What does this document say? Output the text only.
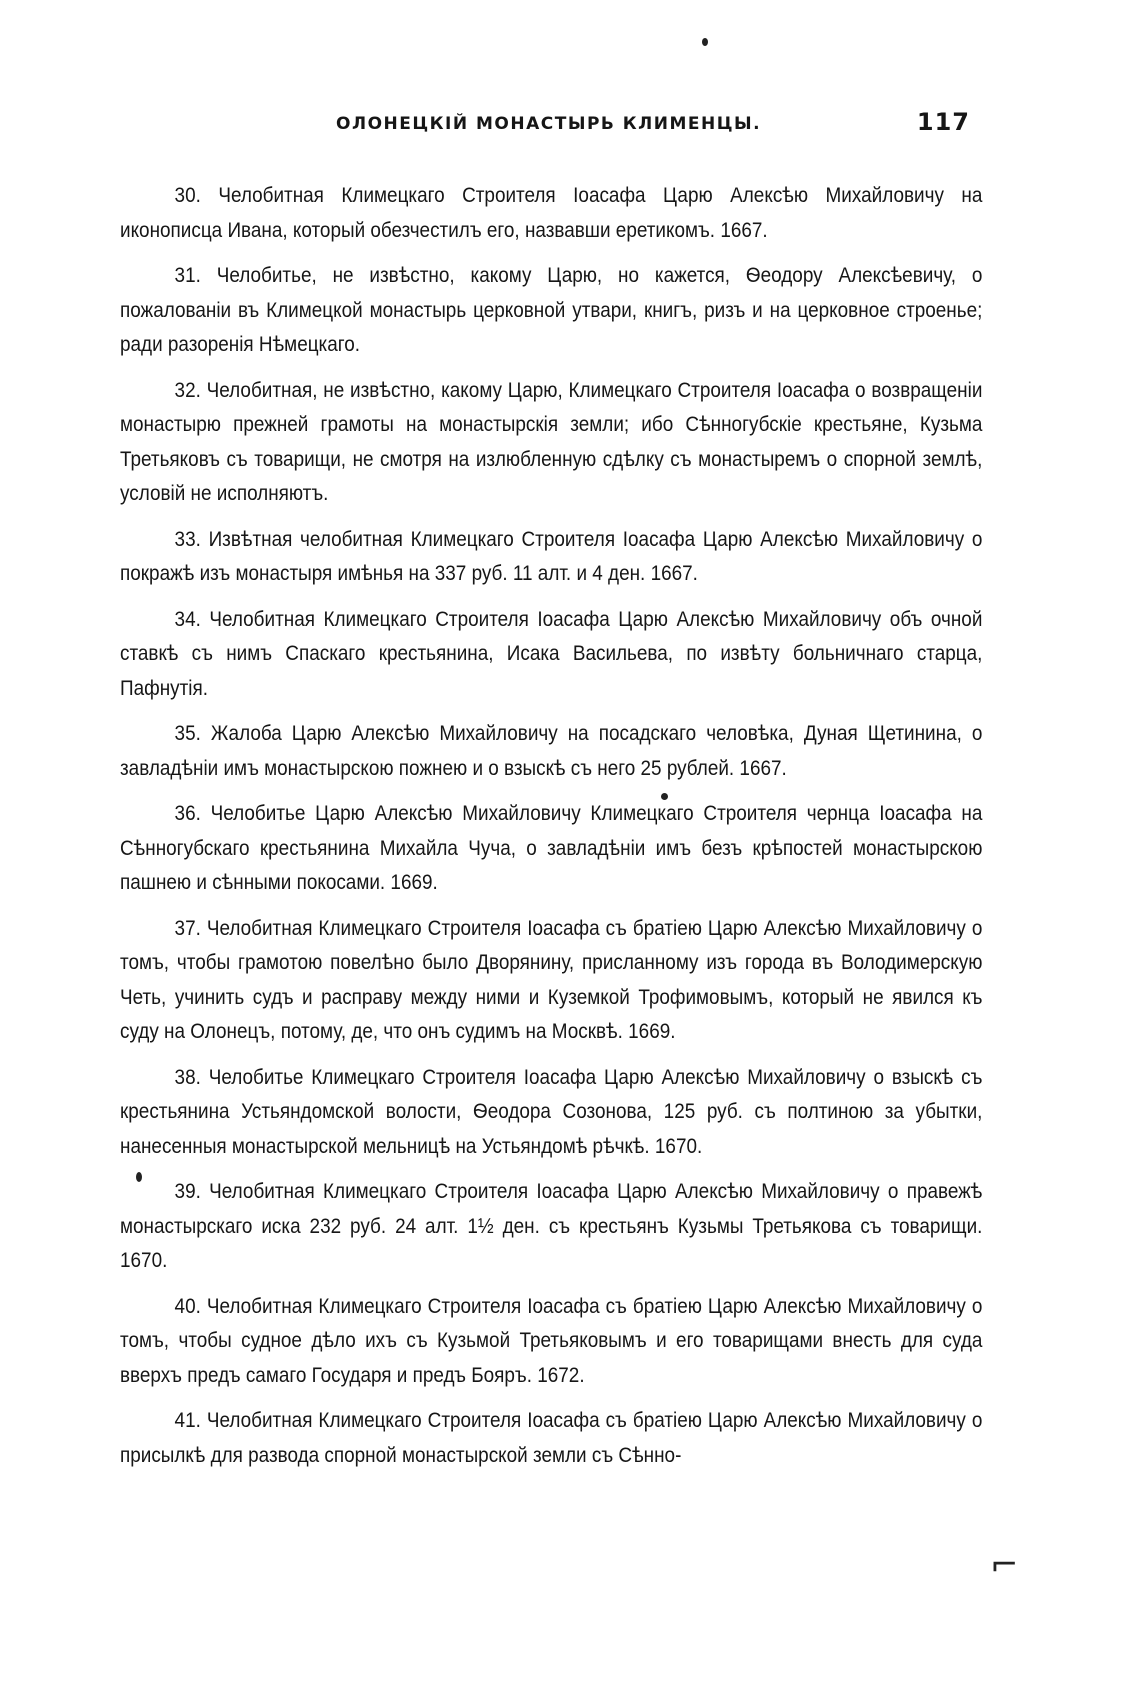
⌐
ОЛОНЕЦКІЙ МОНАСТЫРЬ КЛИМЕНЦЫ.	117

30. Челобитная Климецкаго Строителя Іоасафа Царю Алексѣю Михайловичу на иконописца Ивана, который обезчестилъ его, назвавши еретикомъ. 1667.

31. Челобитье, не извѣстно, какому Царю, но кажется, Ѳеодору Алексѣевичу, о пожалованіи въ Климецкой монастырь церковной утвари, книгъ, ризъ и на церковное строенье; ради разоренія Нѣмецкаго.

32. Челобитная, не извѣстно, какому Царю, Климецкаго Строителя Іоасафа о возвращеніи монастырю прежней грамоты на монастырскія земли; ибо Сѣнногубскіе крестьяне, Кузьма Третьяковъ съ товарищи, не смотря на излюбленную сдѣлку съ монастыремъ о спорной землѣ, условій не исполняютъ.

33. Извѣтная челобитная Климецкаго Строителя Іоасафа Царю Алексѣю Михайловичу о покражѣ изъ монастыря имѣнья на 337 руб. 11 алт. и 4 ден. 1667.

34. Челобитная Климецкаго Строителя Іоасафа Царю Алексѣю Михайловичу объ очной ставкѣ съ нимъ Спаскаго крестьянина, Исака Васильева, по извѣту больничнаго старца, Пафнутія.

35. Жалоба Царю Алексѣю Михайловичу на посадскаго человѣка, Дуная Щетинина, о завладѣніи имъ монастырскою пожнею и о взыскѣ съ него 25 рублей. 1667.

36. Челобитье Царю Алексѣю Михайловичу Климецкаго Строителя чернца Іоасафа на Сѣнногубскаго крестьянина Михайла Чуча, о завладѣніи имъ безъ крѣпостей монастырскою пашнею и сѣнными покосами. 1669.

37. Челобитная Климецкаго Строителя Іоасафа съ братіею Царю Алексѣю Михайловичу о томъ, чтобы грамотою повелѣно было Дворянину, присланному изъ города въ Володимерскую Четь, учинить судъ и расправу между ними и Куземкой Трофимовымъ, который не явился къ суду на Олонецъ, потому, де, что онъ судимъ на Москвѣ. 1669.

38. Челобитье Климецкаго Строителя Іоасафа Царю Алексѣю Михайловичу о взыскѣ съ крестьянина Устьяндомской волости, Ѳеодора Созонова, 125 руб. съ полтиною за убытки, нанесенныя монастырской мельницѣ на Устьяндомѣ рѣчкѣ. 1670.

39. Челобитная Климецкаго Строителя Іоасафа Царю Алексѣю Михайловичу о правежѣ монастырскаго иска 232 руб. 24 алт. 1½ ден. съ крестьянъ Кузьмы Третьякова съ товарищи. 1670.

40. Челобитная Климецкаго Строителя Іоасафа съ братіею Царю Алексѣю Михайловичу о томъ, чтобы судное дѣло ихъ съ Кузьмой Третьяковымъ и его товарищами внесть для суда вверхъ предъ самаго Государя и предъ Бояръ. 1672.

41. Челобитная Климецкаго Строителя Іоасафа съ братіею Царю Алексѣю Михайловичу о присылкѣ для развода спорной монастырской земли съ Сѣнно-
